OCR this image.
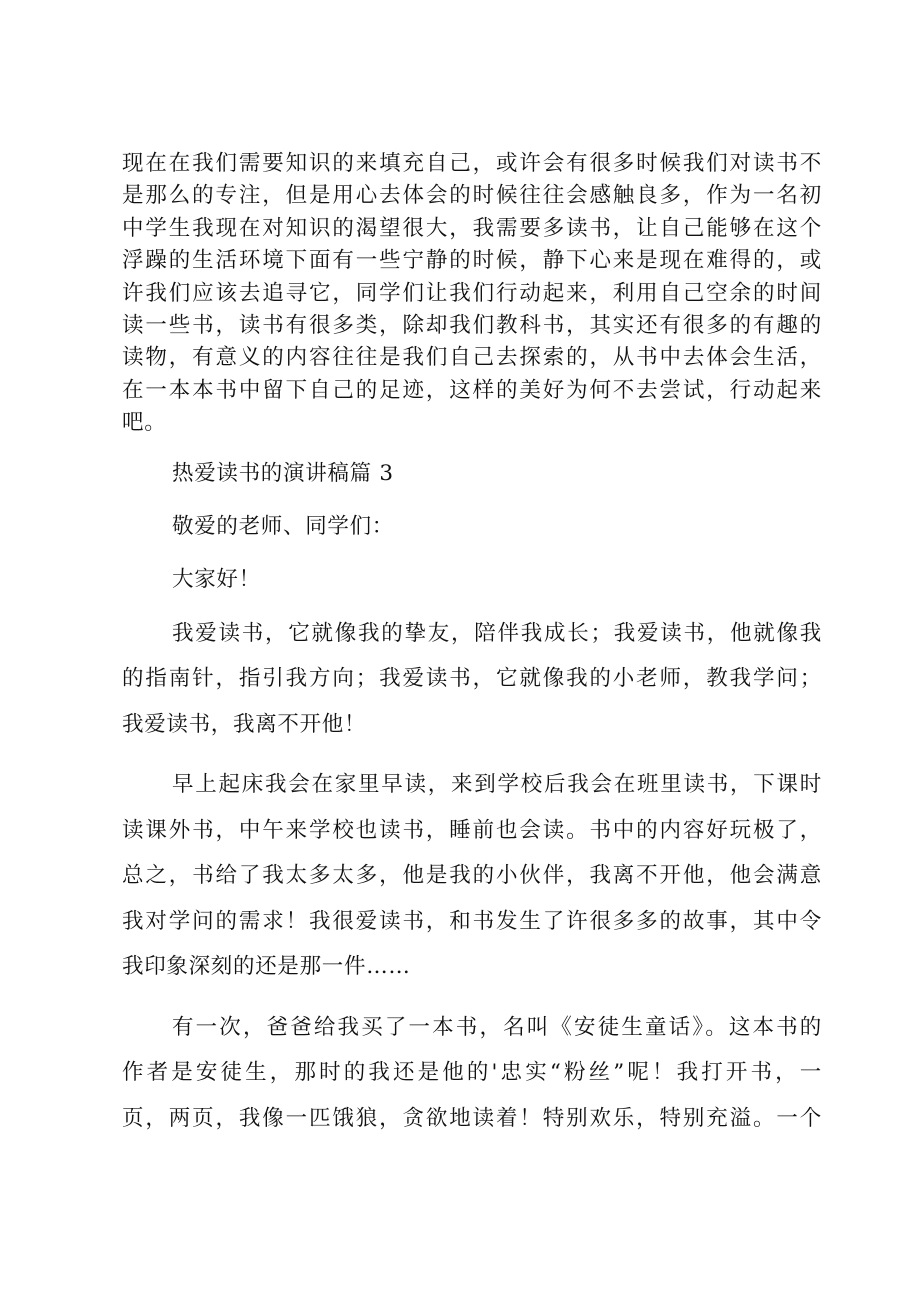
现在在我们需要知识的来填充自己，或许会有很多时候我们对读书不
是那么的专注，但是用心去体会的时候往往会感触良多，作为一名初
中学生我现在对知识的渴望很大，我需要多读书，让自己能够在这个
浮躁的生活环境下面有一些宁静的时候，静下心来是现在难得的，或
许我们应该去追寻它，同学们让我们行动起来，利用自己空余的时间
读一些书，读书有很多类，除却我们教科书，其实还有很多的有趣的
读物，有意义的内容往往是我们自己去探索的，从书中去体会生活，
在一本本书中留下自己的足迹，这样的美好为何不去尝试，行动起来
吧。

热爱读书的演讲稿篇 3

敬爱的老师、同学们：

大家好！

我爱读书，它就像我的挚友，陪伴我成长；我爱读书，他就像我
的指南针，指引我方向；我爱读书，它就像我的小老师，教我学问；
我爱读书，我离不开他！

早上起床我会在家里早读，来到学校后我会在班里读书，下课时
读课外书，中午来学校也读书，睡前也会读。书中的内容好玩极了，
总之，书给了我太多太多，他是我的小伙伴，我离不开他，他会满意
我对学问的需求！我很爱读书，和书发生了许很多多的故事，其中令
我印象深刻的还是那一件……

有一次，爸爸给我买了一本书，名叫《安徒生童话》。这本书的
作者是安徒生，那时的我还是他的'忠实“粉丝”呢！我打开书，一
页，两页，我像一匹饿狼，贪欲地读着！特别欢乐，特别充溢。一个
